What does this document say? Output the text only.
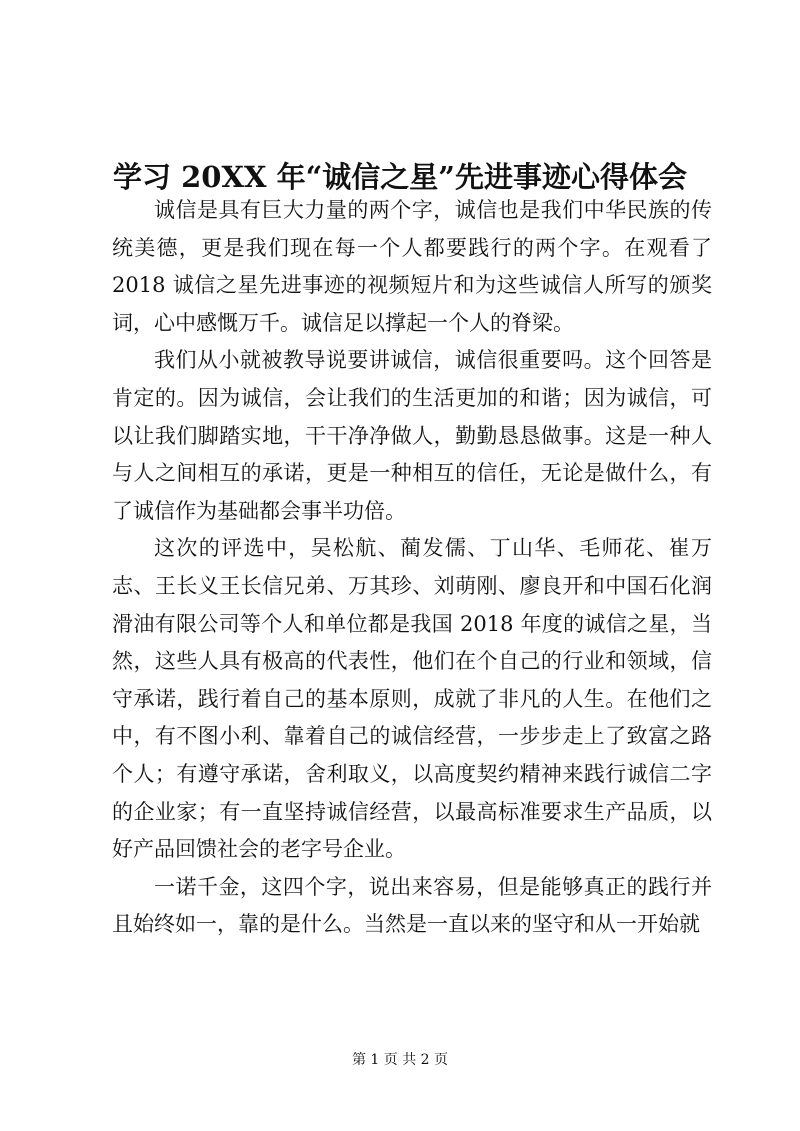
学习 20XX 年“诚信之星”先进事迹心得体会

诚信是具有巨大力量的两个字，诚信也是我们中华民族的传统美德，更是我们现在每一个人都要践行的两个字。在观看了2018 诚信之星先进事迹的视频短片和为这些诚信人所写的颁奖词，心中感慨万千。诚信足以撑起一个人的脊梁。

我们从小就被教导说要讲诚信，诚信很重要吗。这个回答是肯定的。因为诚信，会让我们的生活更加的和谐；因为诚信，可以让我们脚踏实地，干干净净做人，勤勤恳恳做事。这是一种人与人之间相互的承诺，更是一种相互的信任，无论是做什么，有了诚信作为基础都会事半功倍。

这次的评选中，吴松航、蔺发儒、丁山华、毛师花、崔万志、王长义王长信兄弟、万其珍、刘萌刚、廖良开和中国石化润滑油有限公司等个人和单位都是我国 2018 年度的诚信之星，当然，这些人具有极高的代表性，他们在个自己的行业和领域，信守承诺，践行着自己的基本原则，成就了非凡的人生。在他们之中，有不图小利、靠着自己的诚信经营，一步步走上了致富之路个人；有遵守承诺，舍利取义，以高度契约精神来践行诚信二字的企业家；有一直坚持诚信经营，以最高标准要求生产品质，以好产品回馈社会的老字号企业。

一诺千金，这四个字，说出来容易，但是能够真正的践行并且始终如一，靠的是什么。当然是一直以来的坚守和从一开始就

第 1 页 共 2 页
